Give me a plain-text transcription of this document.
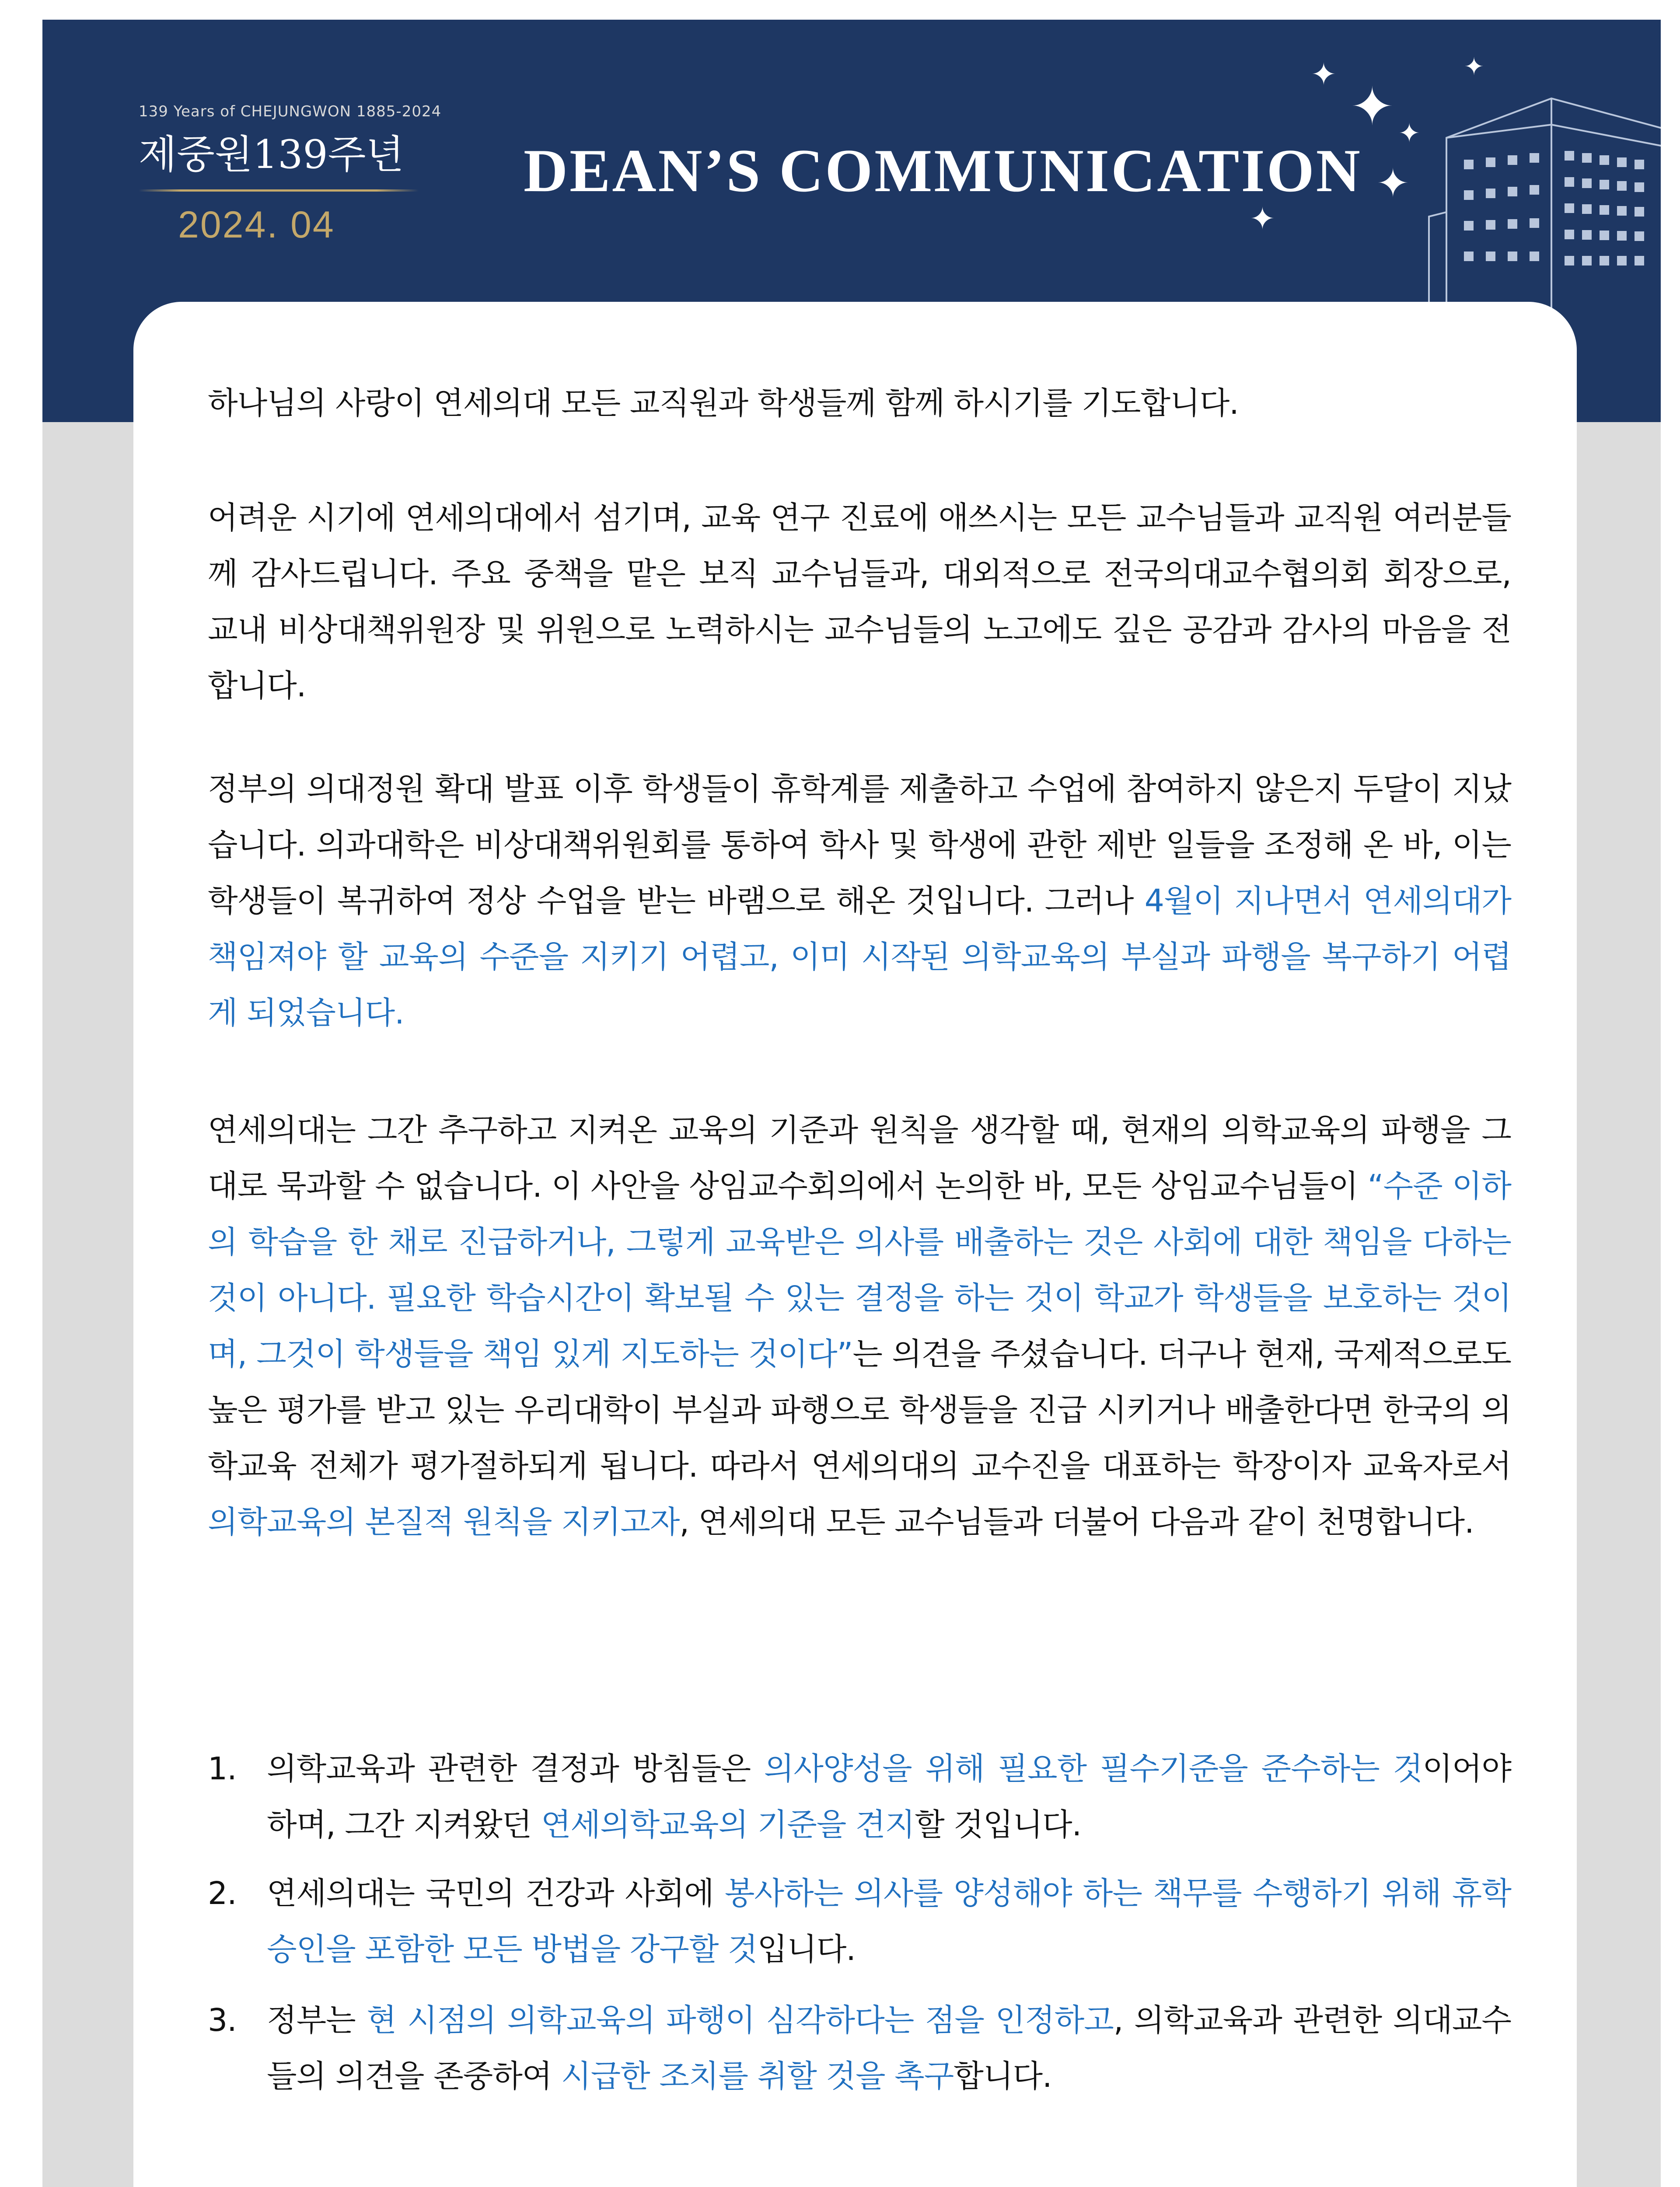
139 Years of CHEJUNGWON 1885-2024
제중원139주년
2024. 04
DEAN’S COMMUNICATION
✦
✦ ✦
✦
✦
✦

하나님의 사랑이 연세의대 모든 교직원과 학생들께 함께 하시기를 기도합니다.

어려운 시기에 연세의대에서 섬기며, 교육 연구 진료에 애쓰시는 모든 교수님들과 교직원 여러분들께 감사드립니다. 주요 중책을 맡은 보직 교수님들과, 대외적으로 전국의대교수협의회 회장으로, 교내 비상대책위원장 및 위원으로 노력하시는 교수님들의 노고에도 깊은 공감과 감사의 마음을 전합니다.

정부의 의대정원 확대 발표 이후 학생들이 휴학계를 제출하고 수업에 참여하지 않은지 두달이 지났습니다. 의과대학은 비상대책위원회를 통하여 학사 및 학생에 관한 제반 일들을 조정해 온 바, 이는 학생들이 복귀하여 정상 수업을 받는 바램으로 해온 것입니다. 그러나 4월이 지나면서 연세의대가 책임져야 할 교육의 수준을 지키기 어렵고, 이미 시작된 의학교육의 부실과 파행을 복구하기 어렵게 되었습니다.

연세의대는 그간 추구하고 지켜온 교육의 기준과 원칙을 생각할 때, 현재의 의학교육의 파행을 그대로 묵과할 수 없습니다. 이 사안을 상임교수회의에서 논의한 바, 모든 상임교수님들이 “수준 이하의 학습을 한 채로 진급하거나, 그렇게 교육받은 의사를 배출하는 것은 사회에 대한 책임을 다하는 것이 아니다. 필요한 학습시간이 확보될 수 있는 결정을 하는 것이 학교가 학생들을 보호하는 것이며, 그것이 학생들을 책임 있게 지도하는 것이다”는 의견을 주셨습니다. 더구나 현재, 국제적으로도 높은 평가를 받고 있는 우리대학이 부실과 파행으로 학생들을 진급 시키거나 배출한다면 한국의 의학교육 전체가 평가절하되게 됩니다. 따라서 연세의대의 교수진을 대표하는 학장이자 교육자로서 의학교육의 본질적 원칙을 지키고자, 연세의대 모든 교수님들과 더불어 다음과 같이 천명합니다.

1. 의학교육과 관련한 결정과 방침들은 의사양성을 위해 필요한 필수기준을 준수하는 것이어야 하며, 그간 지켜왔던 연세의학교육의 기준을 견지할 것입니다.
2. 연세의대는 국민의 건강과 사회에 봉사하는 의사를 양성해야 하는 책무를 수행하기 위해 휴학 승인을 포함한 모든 방법을 강구할 것입니다.
3. 정부는 현 시점의 의학교육의 파행이 심각하다는 점을 인정하고, 의학교육과 관련한 의대교수들의 의견을 존중하여 시급한 조치를 취할 것을 촉구합니다.
